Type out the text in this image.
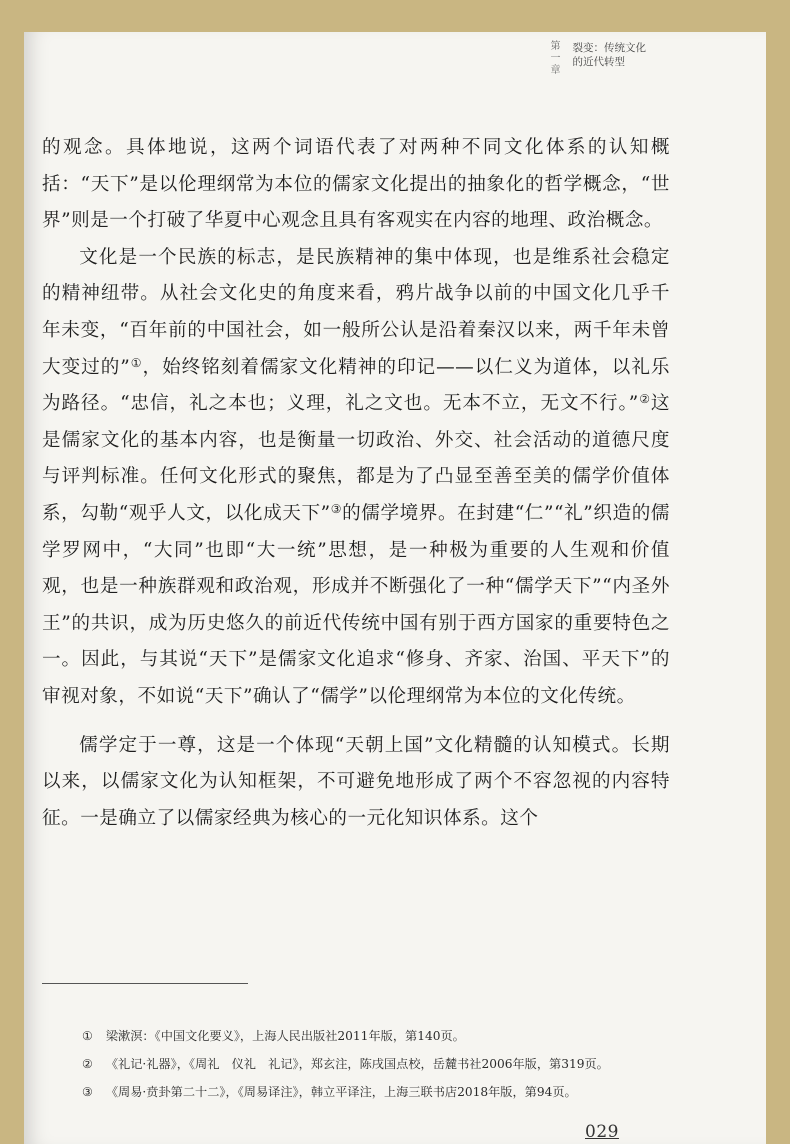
第
一
章
裂变：传统文化
的近代转型

的观念。具体地说，这两个词语代表了对两种不同文化体系的认知概括：“天下”是以伦理纲常为本位的儒家文化提出的抽象化的哲学概念，“世界”则是一个打破了华夏中心观念且具有客观实在内容的地理、政治概念。

文化是一个民族的标志，是民族精神的集中体现，也是维系社会稳定的精神纽带。从社会文化史的角度来看，鸦片战争以前的中国文化几乎千年未变，“百年前的中国社会，如一般所公认是沿着秦汉以来，两千年未曾大变过的”①，始终铭刻着儒家文化精神的印记——以仁义为道体，以礼乐为路径。“忠信，礼之本也；义理，礼之文也。无本不立，无文不行。”②这是儒家文化的基本内容，也是衡量一切政治、外交、社会活动的道德尺度与评判标准。任何文化形式的聚焦，都是为了凸显至善至美的儒学价值体系，勾勒“观乎人文，以化成天下”③的儒学境界。在封建“仁”“礼”织造的儒学罗网中，“大同”也即“大一统”思想，是一种极为重要的人生观和价值观，也是一种族群观和政治观，形成并不断强化了一种“儒学天下”“内圣外王”的共识，成为历史悠久的前近代传统中国有别于西方国家的重要特色之一。因此，与其说“天下”是儒家文化追求“修身、齐家、治国、平天下”的审视对象，不如说“天下”确认了“儒学”以伦理纲常为本位的文化传统。

儒学定于一尊，这是一个体现“天朝上国”文化精髓的认知模式。长期以来，以儒家文化为认知框架，不可避免地形成了两个不容忽视的内容特征。一是确立了以儒家经典为核心的一元化知识体系。这个

① 梁漱溟：《中国文化要义》，上海人民出版社2011年版，第140页。

② 《礼记·礼器》，《周礼　仪礼　礼记》，郑玄注，陈戌国点校，岳麓书社2006年版，第319页。

③ 《周易·贲卦第二十二》，《周易译注》，韩立平译注，上海三联书店2018年版，第94页。

029
